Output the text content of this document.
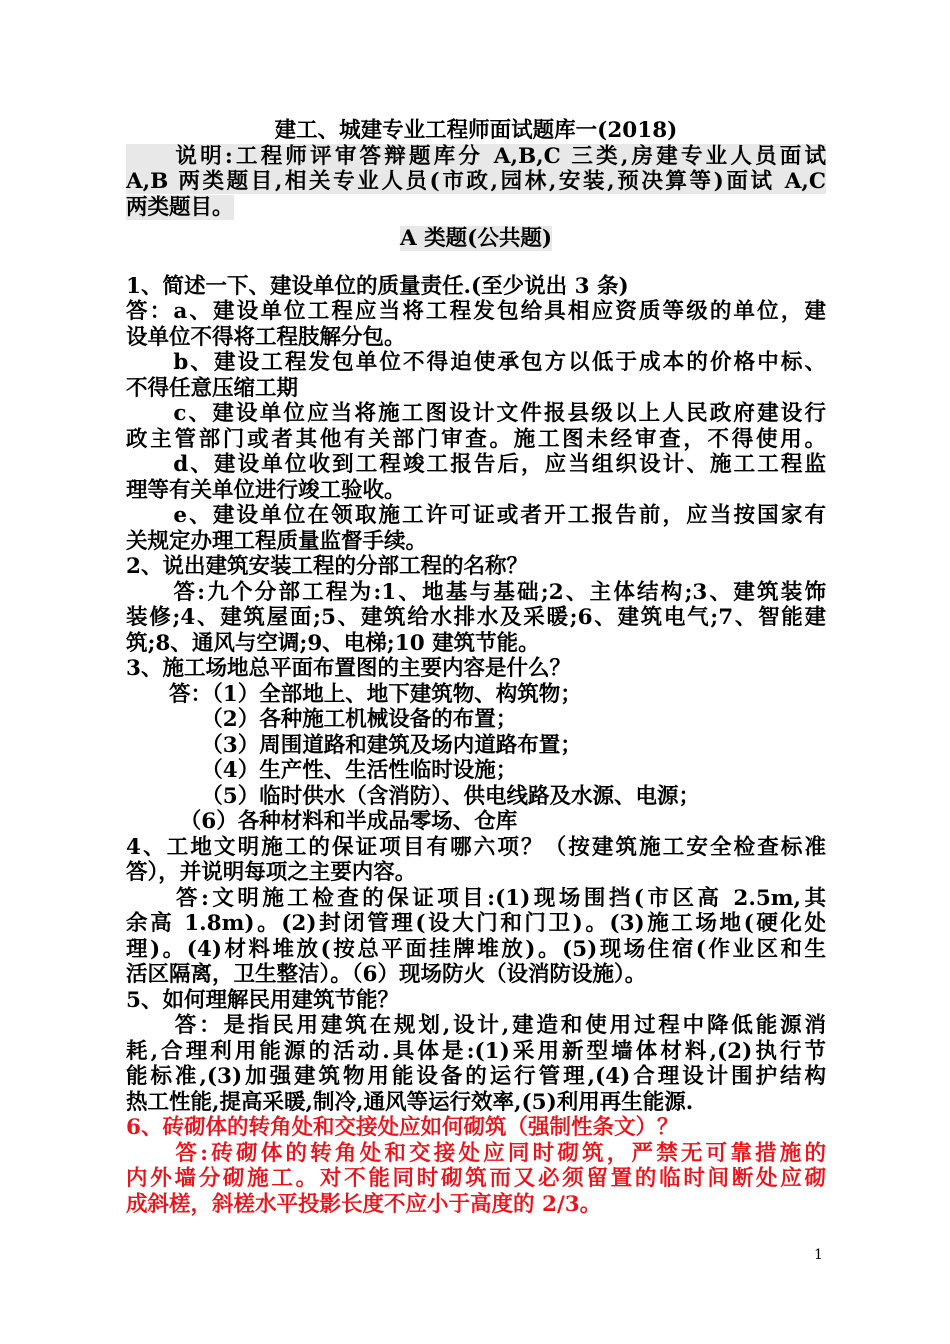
建工、城建专业工程师面试题库一(2018)
　　说明:工程师评审答辩题库分 A,B,C 三类,房建专业人员面试
A,B 两类题目,相关专业人员(市政,园林,安装,预决算等)面试 A,C
两类题目。
A 类题(公共题)
1、简述一下、建设单位的质量责任.(至少说出 3 条)
答：a、建设单位工程应当将工程发包给具相应资质等级的单位，建
设单位不得将工程肢解分包。
　　b、建设工程发包单位不得迫使承包方以低于成本的价格中标、
不得任意压缩工期
　　c、建设单位应当将施工图设计文件报县级以上人民政府建设行
政主管部门或者其他有关部门审查。施工图未经审查，不得使用。
　　d、建设单位收到工程竣工报告后，应当组织设计、施工工程监
理等有关单位进行竣工验收。
　　e、建设单位在领取施工许可证或者开工报告前，应当按国家有
关规定办理工程质量监督手续。
2、说出建筑安装工程的分部工程的名称？
　　答:九个分部工程为:1、地基与基础;2、主体结构;3、建筑装饰
装修;4、建筑屋面;5、建筑给水排水及采暖;6、建筑电气;7、智能建
筑;8、通风与空调;9、电梯;10 建筑节能。
3、施工场地总平面布置图的主要内容是什么？
　　答：（1）全部地上、地下建筑物、构筑物；
　　　　（2）各种施工机械设备的布置；
　　　　（3）周围道路和建筑及场内道路布置；
　　　　（4）生产性、生活性临时设施；
　　　　（5）临时供水（含消防）、供电线路及水源、电源；
　　　（6）各种材料和半成品零场、仓库
4、工地文明施工的保证项目有哪六项？（按建筑施工安全检查标准
答），并说明每项之主要内容。
　　答:文明施工检查的保证项目:(1)现场围挡(市区高 2.5m,其
余高 1.8m)。(2)封闭管理(设大门和门卫)。(3)施工场地(硬化处
理)。(4)材料堆放(按总平面挂牌堆放)。(5)现场住宿(作业区和生
活区隔离，卫生整洁）。（6）现场防火（设消防设施）。
5、如何理解民用建筑节能？
　　答：是指民用建筑在规划,设计,建造和使用过程中降低能源消
耗,合理利用能源的活动.具体是:(1)采用新型墙体材料,(2)执行节
能标准,(3)加强建筑物用能设备的运行管理,(4)合理设计围护结构
热工性能,提高采暖,制冷,通风等运行效率,(5)利用再生能源.
6、砖砌体的转角处和交接处应如何砌筑（强制性条文）？
　　答:砖砌体的转角处和交接处应同时砌筑，严禁无可靠措施的
内外墙分砌施工。对不能同时砌筑而又必须留置的临时间断处应砌
成斜槎，斜槎水平投影长度不应小于高度的 2/3。
1
